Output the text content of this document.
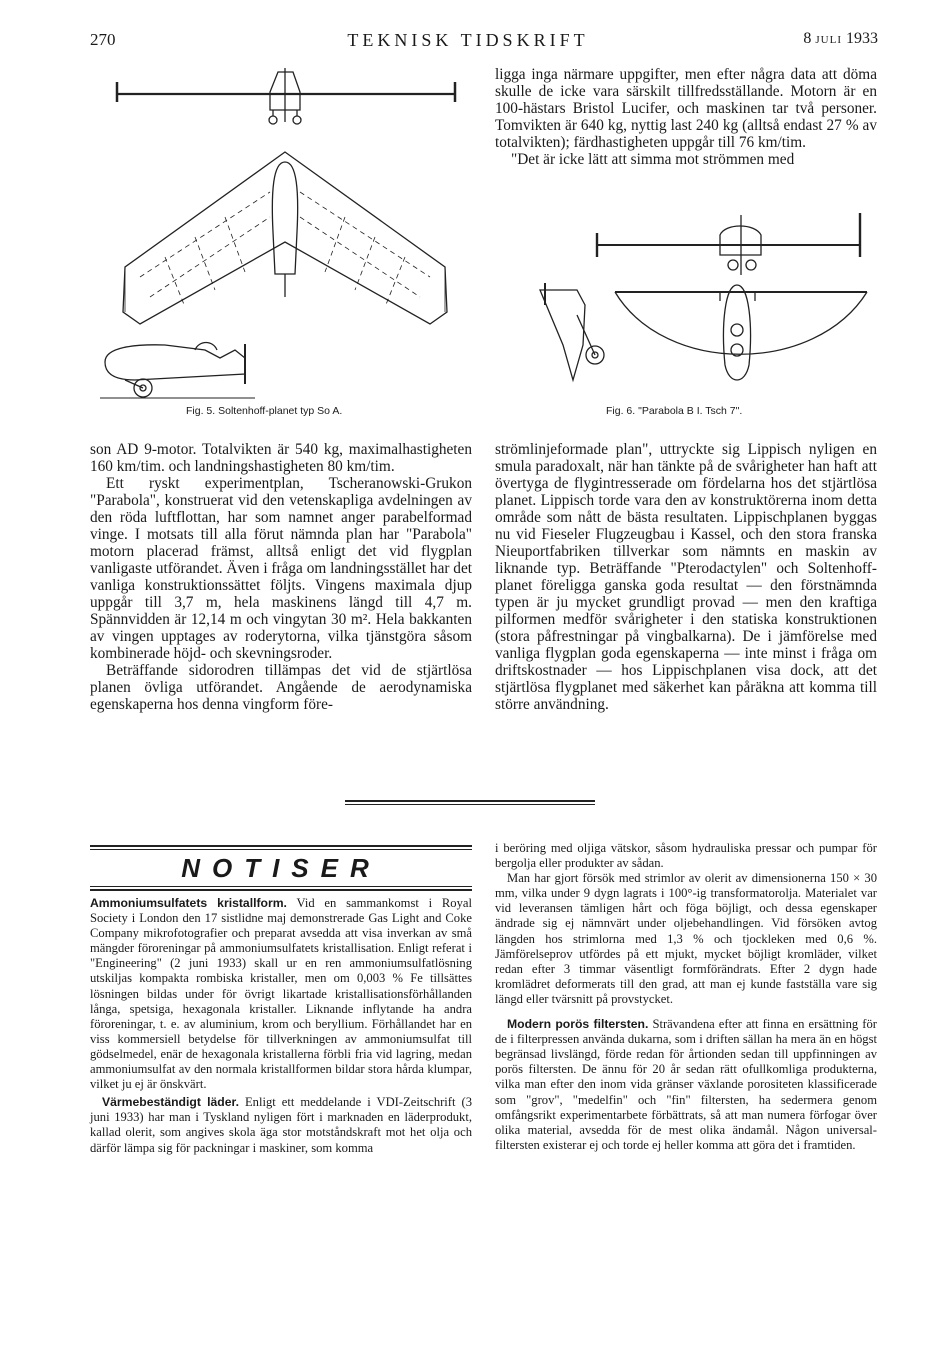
270	TEKNISK TIDSKRIFT	8 JULI 1933
Fig. 5. Soltenhoff-planet typ So A.

ligga inga närmare uppgifter, men efter några data att döma skulle de icke vara särskilt tillfredsställande. Motorn är en 100-hästars Bristol Lucifer, och maskinen tar två personer. Tomvikten är 640 kg, nyttig last 240 kg (alltså endast 27 % av totalvikten); färdhastigheten uppgår till 76 km/tim.

"Det är icke lätt att simma mot strömmen med

Fig. 6. "Parabola B I. Tsch 7".

son AD 9-motor. Totalvikten är 540 kg, maximalhastigheten 160 km/tim. och landningshastigheten 80 km/tim.

Ett ryskt experimentplan, Tscheranowski-Grukon "Parabola", konstruerat vid den vetenskapliga avdelningen av den röda luftflottan, har som namnet anger parabelformad vinge. I motsats till alla förut nämnda plan har "Parabola" motorn placerad främst, alltså enligt det vid flygplan vanligaste utförandet. Även i fråga om landningsstället har det vanliga konstruktionssättet följts. Vingens maximala djup uppgår till 3,7 m, hela maskinens längd till 4,7 m. Spännvidden är 12,14 m och vingytan 30 m². Hela bakkanten av vingen upptages av roderytorna, vilka tjänstgöra såsom kombinerade höjd- och skevningsroder.

Beträffande sidorodren tillämpas det vid de stjärtlösa planen övliga utförandet. Angående de aerodynamiska egenskaperna hos denna vingform före-

strömlinjeformade plan", uttryckte sig Lippisch nyligen en smula paradoxalt, när han tänkte på de svårigheter han haft att övertyga de flygintresserade om fördelarna hos det stjärtlösa planet. Lippisch torde vara den av konstruktörerna inom detta område som nått de bästa resultaten. Lippischplanen byggas nu vid Fieseler Flugzeugbau i Kassel, och den stora franska Nieuportfabriken tillverkar som nämnts en maskin av liknande typ. Beträffande "Pterodactylen" och Soltenhoff-planet föreligga ganska goda resultat — den förstnämnda typen är ju mycket grundligt provad — men den kraftiga pilformen medför svårigheter i den statiska konstruktionen (stora påfrestningar på vingbalkarna). De i jämförelse med vanliga flygplan goda egenskaperna — inte minst i fråga om driftskostnader — hos Lippischplanen visa dock, att det stjärtlösa flygplanet med säkerhet kan påräkna att komma till större användning.

NOTISER

Ammoniumsulfatets kristallform. Vid en sammankomst i Royal Society i London den 17 sistlidne maj demonstrerade Gas Light and Coke Company mikrofotografier och preparat avsedda att visa inverkan av små mängder föroreningar på ammoniumsulfatets kristallisation. Enligt referat i "Engineering" (2 juni 1933) skall ur en ren ammoniumsulfatlösning utskiljas kompakta rombiska kristaller, men om 0,003 % Fe tillsättes lösningen bildas under för övrigt likartade kristallisationsförhållanden långa, spetsiga, hexagonala kristaller. Liknande inflytande ha andra föroreningar, t. e. av aluminium, krom och beryllium. Förhållandet har en viss kommersiell betydelse för tillverkningen av ammoniumsulfat till gödselmedel, enär de hexagonala kristallerna förbli fria vid lagring, medan ammoniumsulfat av den normala kristallformen bildar stora hårda klumpar, vilket ju ej är önskvärt.

Värmebeständigt läder. Enligt ett meddelande i VDI-Zeitschrift (3 juni 1933) har man i Tyskland nyligen fört i marknaden en läderprodukt, kallad olerit, som angives skola äga stor motståndskraft mot het olja och därför lämpa sig för packningar i maskiner, som komma

i beröring med oljiga vätskor, såsom hydrauliska pressar och pumpar för bergolja eller produkter av sådan.

Man har gjort försök med strimlor av olerit av dimensionerna 150 × 30 mm, vilka under 9 dygn lagrats i 100°-ig transformatorolja. Materialet var vid leveransen tämligen hårt och föga böjligt, och dessa egenskaper ändrade sig ej nämnvärt under oljebehandlingen. Vid försöken avtog längden hos strimlorna med 1,3 % och tjockleken med 0,6 %. Jämförelseprov utfördes på ett mjukt, mycket böjligt kromläder, vilket redan efter 3 timmar väsentligt formförändrats. Efter 2 dygn hade kromlädret deformerats till den grad, att man ej kunde fastställa vare sig längd eller tvärsnitt på provstycket.

Modern porös filtersten. Strävandena efter att finna en ersättning för de i filterpressen använda dukarna, som i driften sällan ha mera än en högst begränsad livslängd, förde redan för årtionden sedan till uppfinningen av porös filtersten. De ännu för 20 år sedan rätt ofullkomliga produkterna, vilka man efter den inom vida gränser växlande porositeten klassificerade som "grov", "medelfin" och "fin" filtersten, ha sedermera genom omfångsrikt experimentarbete förbättrats, så att man numera förfogar över olika material, avsedda för de mest olika ändamål. Någon universal-filtersten existerar ej och torde ej heller komma att göra det i framtiden.
